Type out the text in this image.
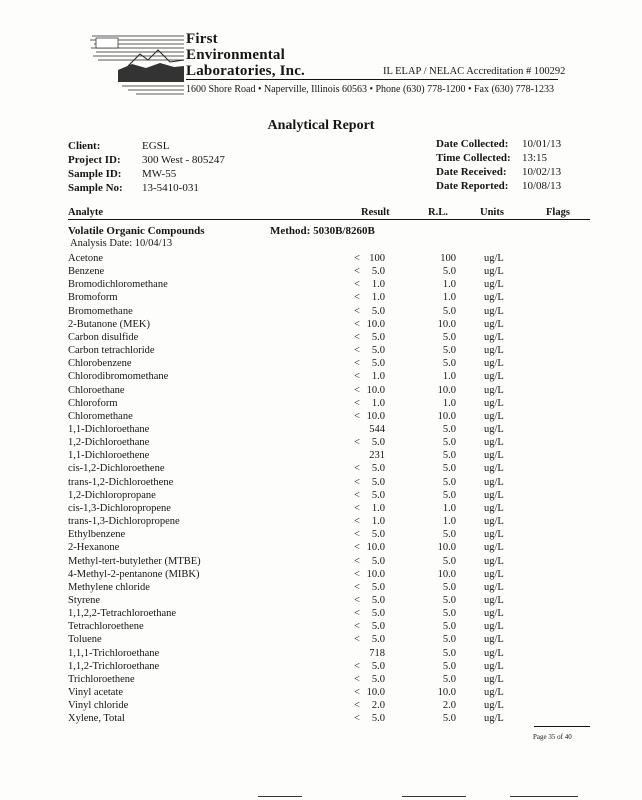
First
Environmental
Laboratories, Inc.	IL ELAP / NELAC Accreditation # 100292
1600 Shore Road • Naperville, Illinois 60563 • Phone (630) 778-1200 • Fax (630) 778-1233
Analytical Report
Client:	EGSL
Project ID: 300 West - 805247
Sample ID: MW-55
Sample No: 13-5410-031
Date Collected: 10/01/13
Time Collected: 13:15
Date Received: 10/02/13
Date Reported: 10/08/13
Analyte	Result	R.L.	Units	Flags
Volatile Organic Compounds	Method: 5030B/8260B
Analysis Date: 10/04/13
Acetone	< 100	100	ug/L
Benzene	<	5.0	5.0	ug/L
Bromodichloromethane	<	1.0	1.0	ug/L
Bromoform	<	1.0	1.0	ug/L
Bromomethane	<	5.0	5.0	ug/L
2-Butanone (MEK)	< 10.0	10.0	ug/L
Carbon disulfide	<	5.0	5.0	ug/L
Carbon tetrachloride	<	5.0	5.0	ug/L
Chlorobenzene	<	5.0	5.0	ug/L
Chlorodibromomethane	<	1.0	1.0	ug/L
Chloroethane	< 10.0	10.0	ug/L
Chloroform	<	1.0	1.0	ug/L
Chloromethane	< 10.0	10.0	ug/L
1,1-Dichloroethane	544	5.0	ug/L
1,2-Dichloroethane	<	5.0	5.0	ug/L
1,1-Dichloroethene	231	5.0	ug/L
cis-1,2-Dichloroethene	<	5.0	5.0	ug/L
trans-1,2-Dichloroethene	<	5.0	5.0	ug/L
1,2-Dichloropropane	<	5.0	5.0	ug/L
cis-1,3-Dichloropropene	<	1.0	1.0	ug/L
trans-1,3-Dichloropropene	<	1.0	1.0	ug/L
Ethylbenzene	<	5.0	5.0	ug/L
2-Hexanone	< 10.0	10.0	ug/L
Methyl-tert-butylether (MTBE)	<	5.0	5.0	ug/L
4-Methyl-2-pentanone (MIBK)	< 10.0	10.0	ug/L
Methylene chloride	<	5.0	5.0	ug/L
Styrene	<	5.0	5.0	ug/L
1,1,2,2-Tetrachloroethane	<	5.0	5.0	ug/L
Tetrachloroethene	<	5.0	5.0	ug/L
Toluene	<	5.0	5.0	ug/L
1,1,1-Trichloroethane	718	5.0	ug/L
1,1,2-Trichloroethane	<	5.0	5.0	ug/L
Trichloroethene	<	5.0	5.0	ug/L
Vinyl acetate	< 10.0	10.0	ug/L
Vinyl chloride	<	2.0	2.0	ug/L
Xylene, Total	<	5.0	5.0	ug/L
Page 35 of 40
